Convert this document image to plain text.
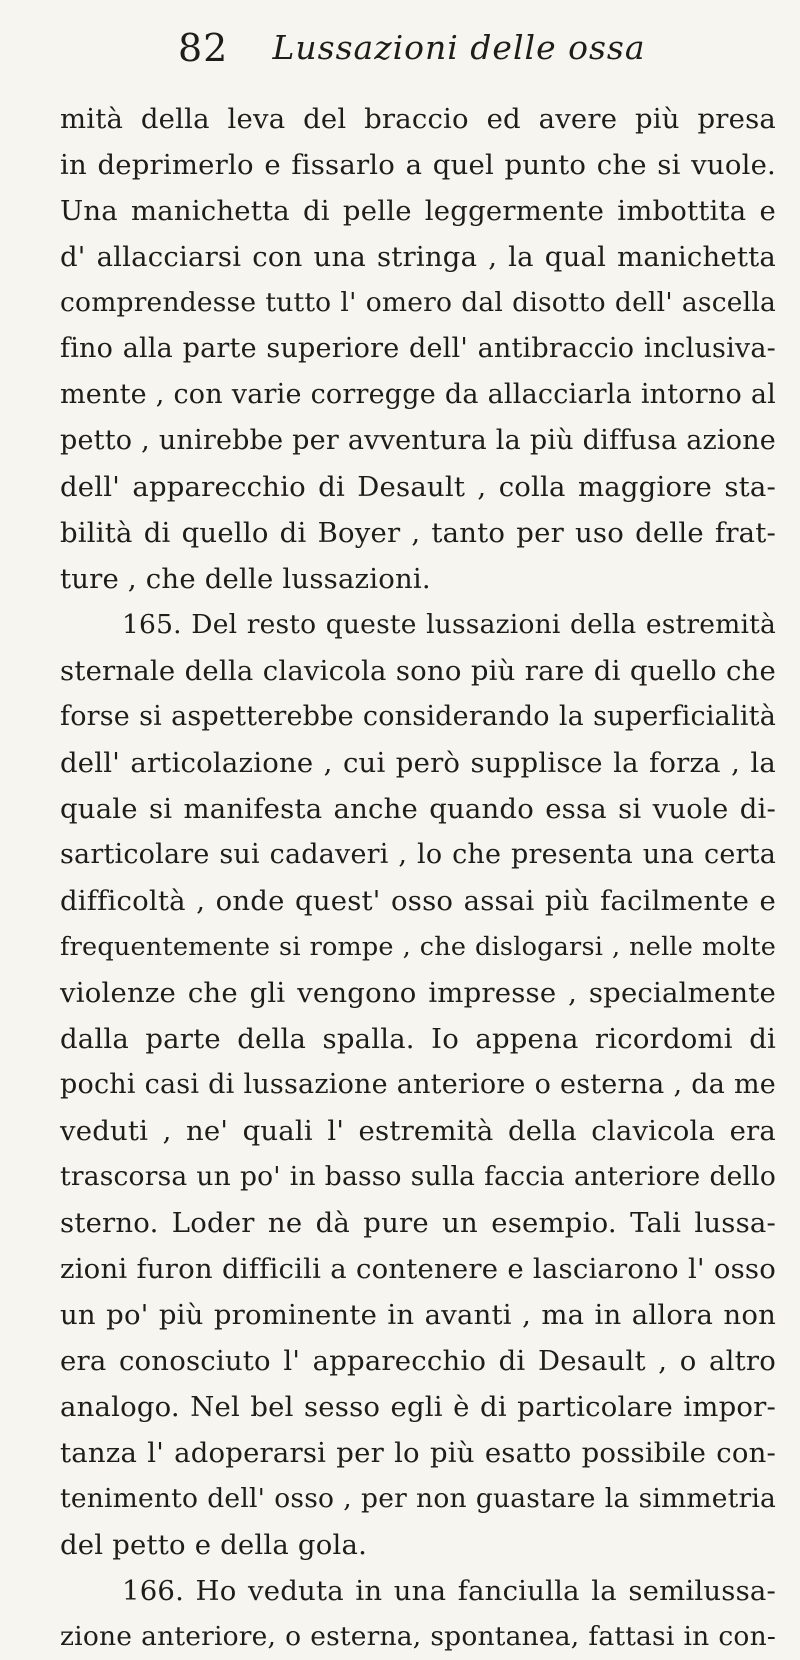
82	Lussazioni delle ossa
mità della leva del braccio ed avere più presa
in deprimerlo e fissarlo a quel punto che si vuole.
Una manichetta di pelle leggermente imbottita e
d' allacciarsi con una stringa , la qual manichetta
comprendesse tutto l' omero dal disotto dell' ascella
fino alla parte superiore dell' antibraccio inclusiva-
mente , con varie corregge da allacciarla intorno al
petto , unirebbe per avventura la più diffusa azione
dell' apparecchio di Desault , colla maggiore sta-
bilità di quello di Boyer , tanto per uso delle frat-
ture , che delle lussazioni.
165. Del resto queste lussazioni della estremità
sternale della clavicola sono più rare di quello che
forse si aspetterebbe considerando la superficialità
dell' articolazione , cui però supplisce la forza , la
quale si manifesta anche quando essa si vuole di-
sarticolare sui cadaveri , lo che presenta una certa
difficoltà , onde quest' osso assai più facilmente e
frequentemente si rompe , che dislogarsi , nelle molte
violenze che gli vengono impresse , specialmente
dalla parte della spalla. Io appena ricordomi di
pochi casi di lussazione anteriore o esterna , da me
veduti , ne' quali l' estremità della clavicola era
trascorsa un po' in basso sulla faccia anteriore dello
sterno. Loder ne dà pure un esempio. Tali lussa-
zioni furon difficili a contenere e lasciarono l' osso
un po' più prominente in avanti , ma in allora non
era conosciuto l' apparecchio di Desault , o altro
analogo. Nel bel sesso egli è di particolare impor-
tanza l' adoperarsi per lo più esatto possibile con-
tenimento dell' osso , per non guastare la simmetria
del petto e della gola.
166. Ho veduta in una fanciulla la semilussa-
zione anteriore, o esterna, spontanea, fattasi in con-
